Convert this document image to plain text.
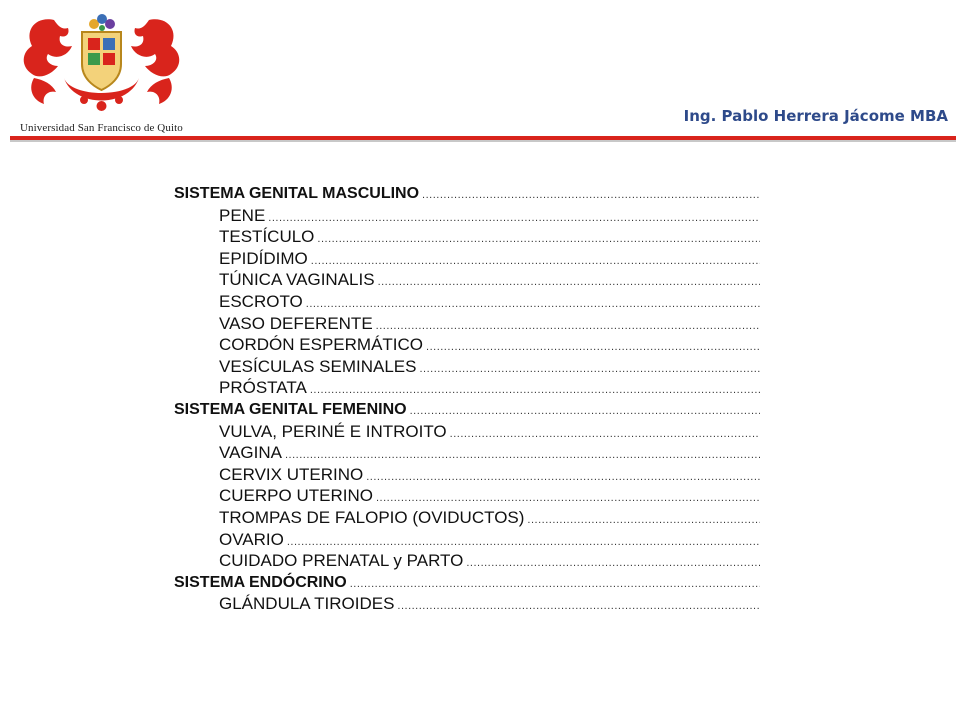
Universidad San Francisco de Quito
Ing. Pablo Herrera Jácome MBA
SISTEMA GENITAL MASCULINO
.....
PENE
.....
TESTÍCULO
.....
EPIDÍDIMO
.....
TÚNICA VAGINALIS
.....
ESCROTO
.....
VASO DEFERENTE
.....
CORDÓN ESPERMÁTICO
.....
VESÍCULAS SEMINALES
.....
PRÓSTATA
.....
SISTEMA GENITAL FEMENINO
.....
VULVA, PERINÉ E INTROITO
.....
VAGINA
.....
CERVIX UTERINO
.....
CUERPO UTERINO
.....
TROMPAS DE FALOPIO (OVIDUCTOS)
.....
OVARIO
.....
CUIDADO PRENATAL y PARTO
.....
SISTEMA ENDÓCRINO
.....
GLÁNDULA TIROIDES
.....
